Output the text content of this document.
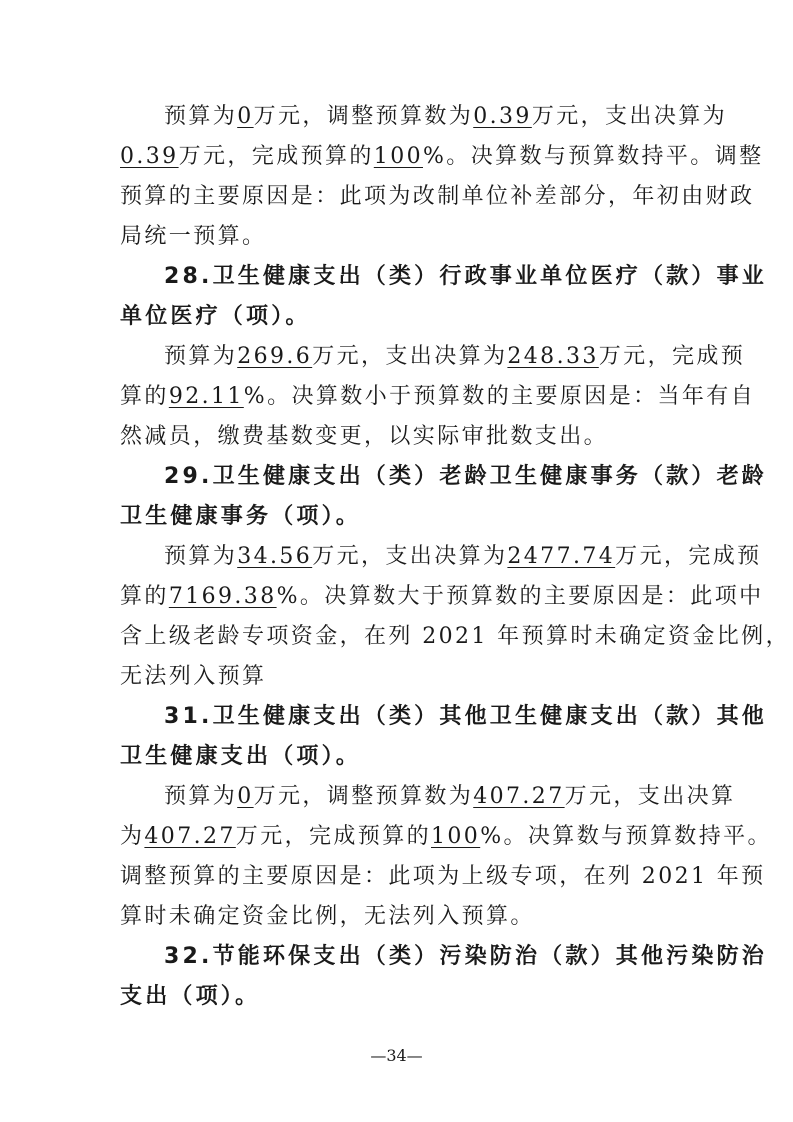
预算为0万元，调整预算数为0.39万元，支出决算为
0.39万元，完成预算的100%。决算数与预算数持平。调整
预算的主要原因是：此项为改制单位补差部分，年初由财政
局统一预算。
28.卫生健康支出（类）行政事业单位医疗（款）事业
单位医疗（项）。
预算为269.6万元，支出决算为248.33万元，完成预
算的92.11%。决算数小于预算数的主要原因是：当年有自
然减员，缴费基数变更，以实际审批数支出。
29.卫生健康支出（类）老龄卫生健康事务（款）老龄
卫生健康事务（项）。
预算为34.56万元，支出决算为2477.74万元，完成预
算的7169.38%。决算数大于预算数的主要原因是：此项中
含上级老龄专项资金，在列 2021 年预算时未确定资金比例，
无法列入预算
31.卫生健康支出（类）其他卫生健康支出（款）其他
卫生健康支出（项）。
预算为0万元，调整预算数为407.27万元，支出决算
为407.27万元，完成预算的100%。决算数与预算数持平。
调整预算的主要原因是：此项为上级专项，在列 2021 年预
算时未确定资金比例，无法列入预算。
32.节能环保支出（类）污染防治（款）其他污染防治
支出（项）。
—34—
